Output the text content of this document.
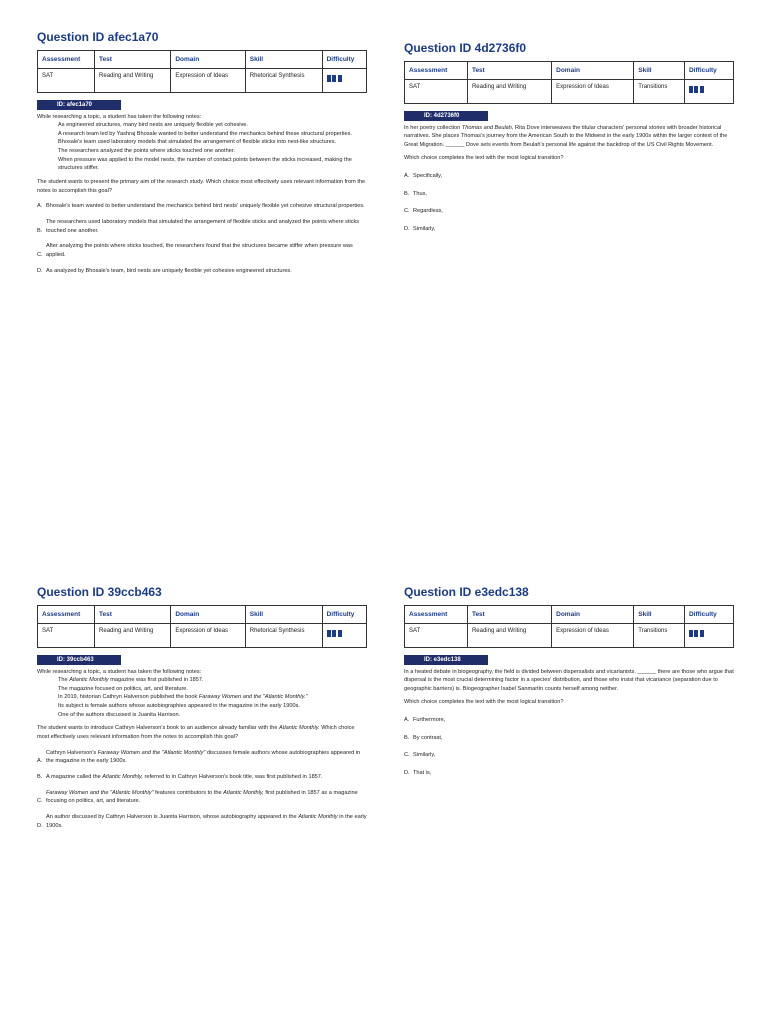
Question ID afec1a70
Assessment	Test	Domain	Skill	Difficulty
SAT	Reading and Writing	Expression of Ideas	Rhetorical Synthesis	
ID: afec1a70
While researching a topic, a student has taken the following notes:
As engineered structures, many bird nests are uniquely flexible yet cohesive.
A research team led by Yashraj Bhosale wanted to better understand the mechanics behind these structural properties.
Bhosale's team used laboratory models that simulated the arrangement of flexible sticks into nest-like structures.
The researchers analyzed the points where sticks touched one another.
When pressure was applied to the model nests, the number of contact points between the sticks increased, making the structures stiffer.
The student wants to present the primary aim of the research study. Which choice most effectively uses relevant information from the notes to accomplish this goal?
A. Bhosale's team wanted to better understand the mechanics behind bird nests' uniquely flexible yet cohesive structural properties.
B.
The researchers used laboratory models that simulated the arrangement of flexible sticks and analyzed the points where sticks touched one another.
C.
After analyzing the points where sticks touched, the researchers found that the structures became stiffer when pressure was applied.
D. As analyzed by Bhosale's team, bird nests are uniquely flexible yet cohesive engineered structures.
Question ID 4d2736f0
Assessment	Test	Domain	Skill	Difficulty
SAT	Reading and Writing	Expression of Ideas	Transitions	
ID: 4d2736f0
In her poetry collection Thomas and Beulah, Rita Dove interweaves the titular characters' personal stories with broader historical narratives. She places Thomas's journey from the American South to the Midwest in the early 1900s within the larger context of the Great Migration. ______ Dove sets events from Beulah's personal life against the backdrop of the US Civil Rights Movement.
Which choice completes the text with the most logical transition?
A. Specifically,
B. Thus,
C. Regardless,
D. Similarly,
Question ID 39ccb463
Assessment	Test	Domain	Skill	Difficulty
SAT	Reading and Writing	Expression of Ideas	Rhetorical Synthesis	
ID: 39ccb463
While researching a topic, a student has taken the following notes:
The Atlantic Monthly magazine was first published in 1857.
The magazine focused on politics, art, and literature.
In 2019, historian Cathryn Halverson published the book Faraway Women and the "Atlantic Monthly."
Its subject is female authors whose autobiographies appeared in the magazine in the early 1900s.
One of the authors discussed is Juanita Harrison.
The student wants to introduce Cathryn Halverson's book to an audience already familiar with the Atlantic Monthly. Which choice most effectively uses relevant information from the notes to accomplish this goal?
A.
Cathryn Halverson's Faraway Women and the "Atlantic Monthly" discusses female authors whose autobiographies appeared in the magazine in the early 1900s.
B. A magazine called the Atlantic Monthly, referred to in Cathryn Halverson's book title, was first published in 1857.
C.
Faraway Women and the "Atlantic Monthly" features contributors to the Atlantic Monthly, first published in 1857 as a magazine focusing on politics, art, and literature.
D.
An author discussed by Cathryn Halverson is Juanita Harrison, whose autobiography appeared in the Atlantic Monthly in the early 1900s.
Question ID e3edc138
Assessment	Test	Domain	Skill	Difficulty
SAT	Reading and Writing	Expression of Ideas	Transitions	
ID: e3edc138
In a heated debate in biogeography, the field is divided between dispersalists and vicarianists. ______ there are those who argue that dispersal is the most crucial determining factor in a species' distribution, and those who insist that vicariance (separation due to geographic barriers) is. Biogeographer Isabel Sanmartín counts herself among neither.
Which choice completes the text with the most logical transition?
A. Furthermore,
B. By contrast,
C. Similarly,
D. That is,
